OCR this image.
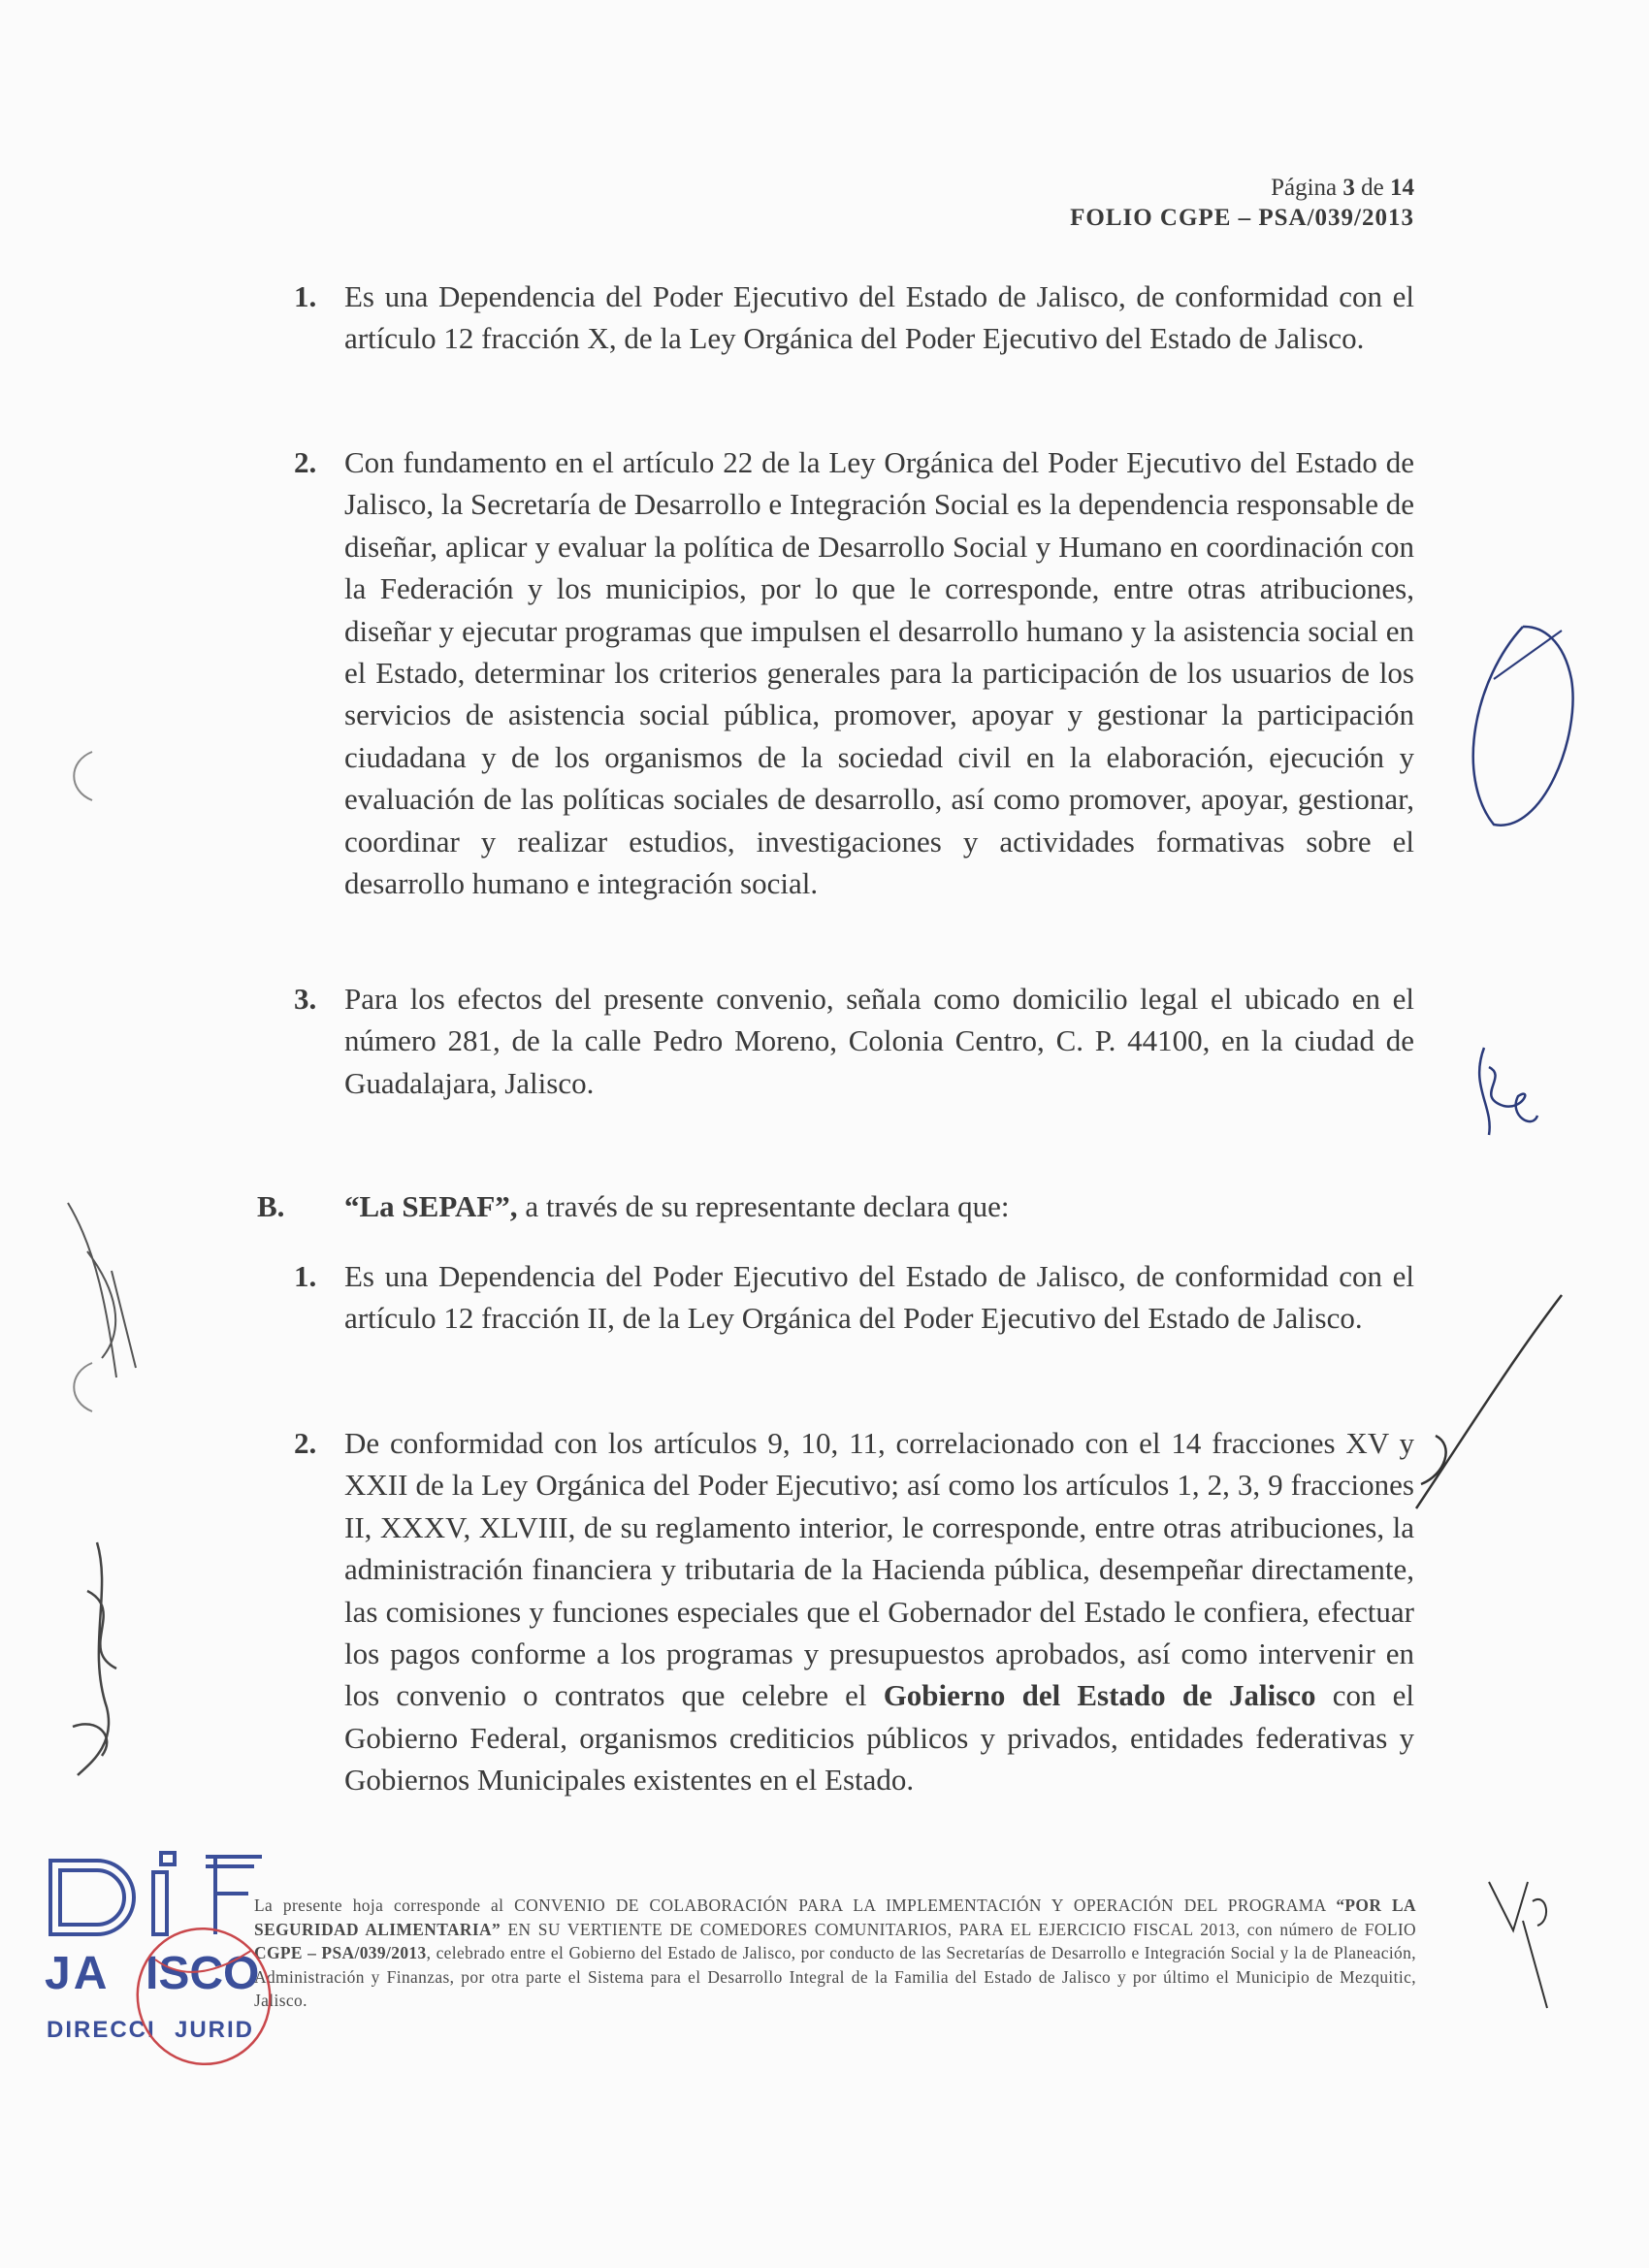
Página 3 de 14
FOLIO CGPE – PSA/039/2013
1. Es una Dependencia del Poder Ejecutivo del Estado de Jalisco, de conformidad con el artículo 12 fracción X, de la Ley Orgánica del Poder Ejecutivo del Estado de Jalisco.

2. Con fundamento en el artículo 22 de la Ley Orgánica del Poder Ejecutivo del Estado de Jalisco, la Secretaría de Desarrollo e Integración Social es la dependencia responsable de diseñar, aplicar y evaluar la política de Desarrollo Social y Humano en coordinación con la Federación y los municipios, por lo que le corresponde, entre otras atribuciones, diseñar y ejecutar programas que impulsen el desarrollo humano y la asistencia social en el Estado, determinar los criterios generales para la participación de los usuarios de los servicios de asistencia social pública, promover, apoyar y gestionar la participación ciudadana y de los organismos de la sociedad civil en la elaboración, ejecución y evaluación de las políticas sociales de desarrollo, así como promover, apoyar, gestionar, coordinar y realizar estudios, investigaciones y actividades formativas sobre el desarrollo humano e integración social.

3. Para los efectos del presente convenio, señala como domicilio legal el ubicado en el número 281, de la calle Pedro Moreno, Colonia Centro, C. P. 44100, en la ciudad de Guadalajara, Jalisco.

B. “La SEPAF”, a través de su representante declara que:
1. Es una Dependencia del Poder Ejecutivo del Estado de Jalisco, de conformidad con el artículo 12 fracción II, de la Ley Orgánica del Poder Ejecutivo del Estado de Jalisco.

2. De conformidad con los artículos 9, 10, 11, correlacionado con el 14 fracciones XV y XXII de la Ley Orgánica del Poder Ejecutivo; así como los artículos 1, 2, 3, 9 fracciones II, XXXV, XLVIII, de su reglamento interior, le corresponde, entre otras atribuciones, la administración financiera y tributaria de la Hacienda pública, desempeñar directamente, las comisiones y funciones especiales que el Gobernador del Estado le confiera, efectuar los pagos conforme a los programas y presupuestos aprobados, así como intervenir en los convenio o contratos que celebre el Gobierno del Estado de Jalisco con el Gobierno Federal, organismos crediticios públicos y privados, entidades federativas y Gobiernos Municipales existentes en el Estado.

La presente hoja corresponde al CONVENIO DE COLABORACIÓN PARA LA IMPLEMENTACIÓN Y OPERACIÓN DEL PROGRAMA “POR LA SEGURIDAD ALIMENTARIA” EN SU VERTIENTE DE COMEDORES COMUNITARIOS, PARA EL EJERCICIO FISCAL 2013, con número de FOLIO CGPE – PSA/039/2013, celebrado entre el Gobierno del Estado de Jalisco, por conducto de las Secretarías de Desarrollo e Integración Social y la de Planeación, Administración y Finanzas, por otra parte el Sistema para el Desarrollo Integral de la Familia del Estado de Jalisco y por último el Municipio de Mezquitic, Jalisco.
JA ISCO
DIRECCI JURID
